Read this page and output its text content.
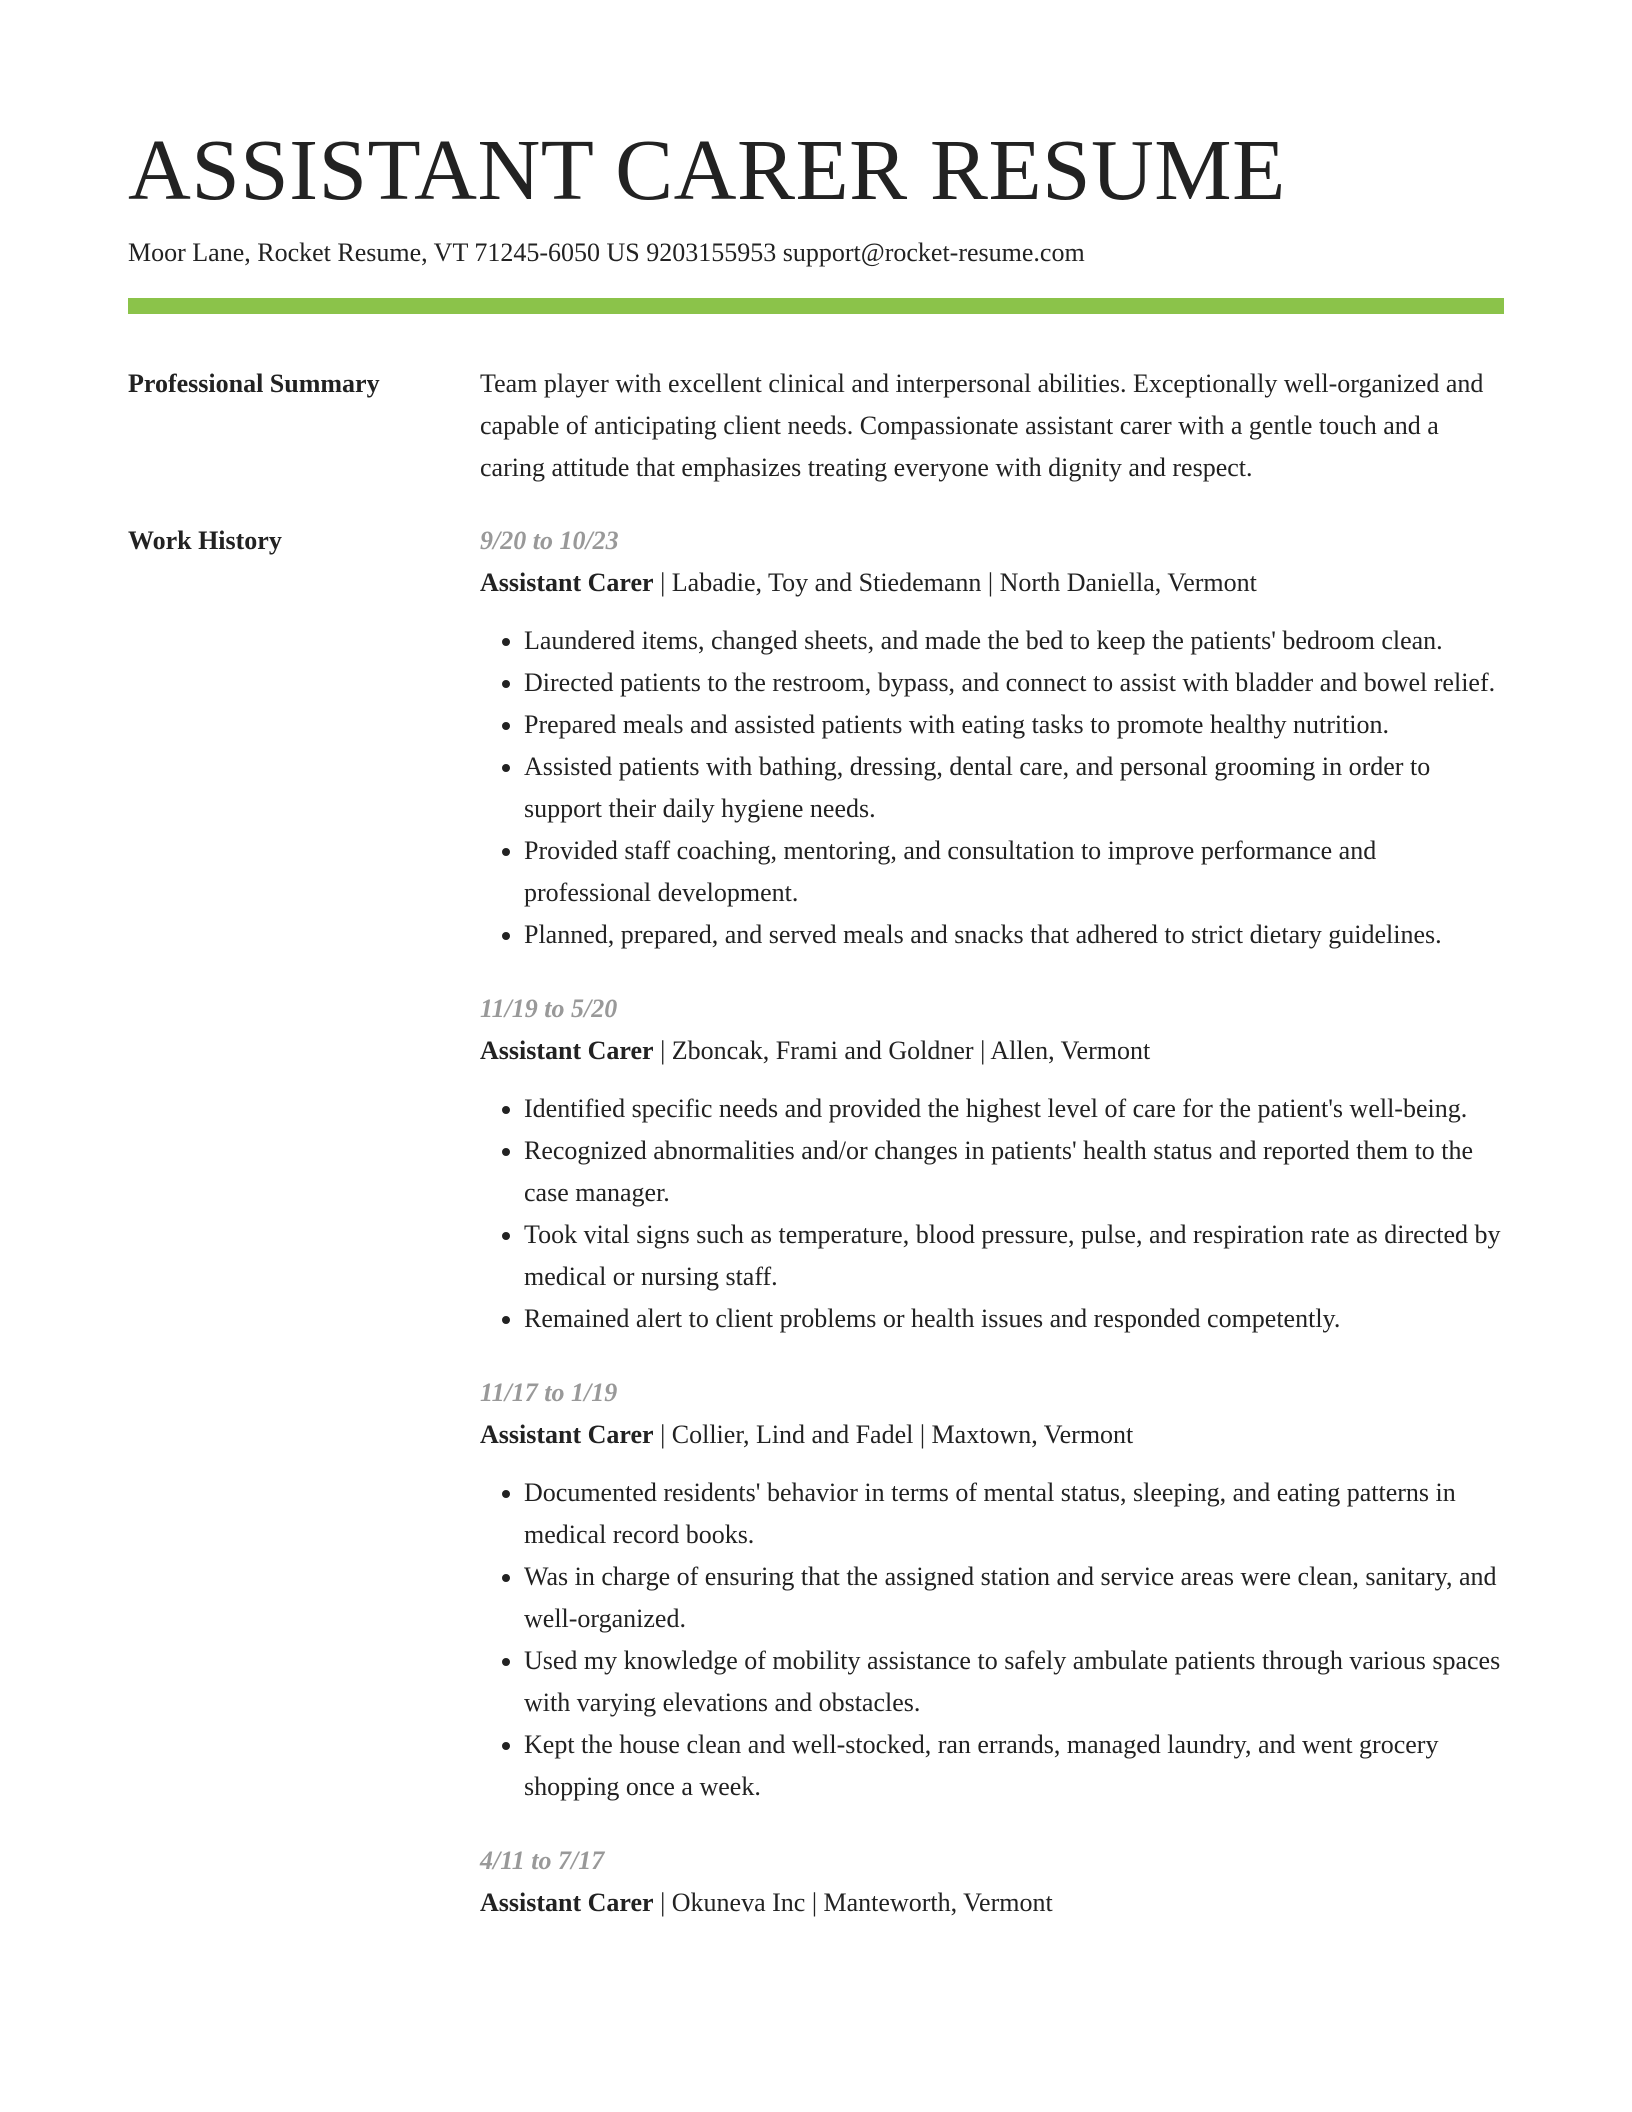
ASSISTANT CARER RESUME
Moor Lane, Rocket Resume, VT 71245-6050 US 9203155953 support@rocket-resume.com
Professional Summary	Team player with excellent clinical and interpersonal abilities. Exceptionally well-organized and capable of anticipating client needs. Compassionate assistant carer with a gentle touch and a caring attitude that emphasizes treating everyone with dignity and respect.
Work History	9/20 to 10/23
Assistant Carer | Labadie, Toy and Stiedemann | North Daniella, Vermont
• Laundered items, changed sheets, and made the bed to keep the patients' bedroom clean.
• Directed patients to the restroom, bypass, and connect to assist with bladder and bowel relief.
• Prepared meals and assisted patients with eating tasks to promote healthy nutrition.
• Assisted patients with bathing, dressing, dental care, and personal grooming in order to support their daily hygiene needs.
• Provided staff coaching, mentoring, and consultation to improve performance and professional development.
• Planned, prepared, and served meals and snacks that adhered to strict dietary guidelines.
11/19 to 5/20
Assistant Carer | Zboncak, Frami and Goldner | Allen, Vermont
• Identified specific needs and provided the highest level of care for the patient's well-being.
• Recognized abnormalities and/or changes in patients' health status and reported them to the case manager.
• Took vital signs such as temperature, blood pressure, pulse, and respiration rate as directed by medical or nursing staff.
• Remained alert to client problems or health issues and responded competently.
11/17 to 1/19
Assistant Carer | Collier, Lind and Fadel | Maxtown, Vermont
• Documented residents' behavior in terms of mental status, sleeping, and eating patterns in medical record books.
• Was in charge of ensuring that the assigned station and service areas were clean, sanitary, and well-organized.
• Used my knowledge of mobility assistance to safely ambulate patients through various spaces with varying elevations and obstacles.
• Kept the house clean and well-stocked, ran errands, managed laundry, and went grocery shopping once a week.
4/11 to 7/17
Assistant Carer | Okuneva Inc | Manteworth, Vermont
